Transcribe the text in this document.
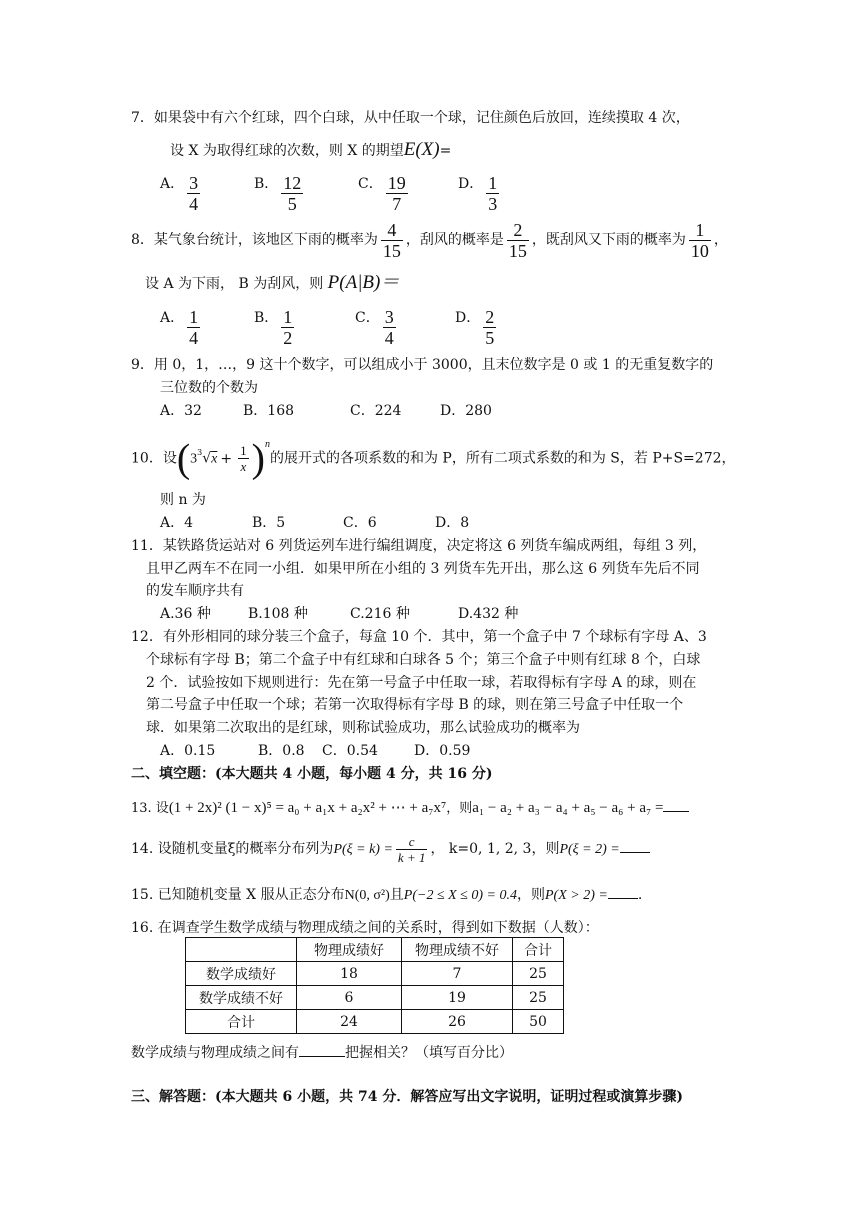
7．如果袋中有六个红球，四个白球，从中任取一个球，记住颜色后放回，连续摸取 4 次，
设 X 为取得红球的次数，则 X 的期望E(X)=
A． $\frac{3}{4}$	B． $\frac{12}{5}$	C． $\frac{19}{7}$	D． $\frac{1}{3}$
8．某气象台统计，该地区下雨的概率为 $\frac{4}{15}$ ，刮风的概率是 $\frac{2}{15}$ ，既刮风又下雨的概率为 $\frac{1}{10}$ ，
设 A 为下雨， B 为刮风，则 P(A|B)＝
A． $\frac{1}{4}$	B． $\frac{1}{2}$	C． $\frac{3}{4}$	D． $\frac{2}{5}$
9．用 0，1，…，9 这十个数字，可以组成小于 3000，且末位数字是 0 或 1 的无重复数字的
三位数的个数为
A．32	B．168	C．224	D．280
10．设$(3^3√x + \frac{1}{x} )^n$的展开式的各项系数的和为 P，所有二项式系数的和为 S，若 P+S=272，
则 n 为
A．4	B．5	C．6	D．8
11．某铁路货运站对 6 列货运列车进行编组调度，决定将这 6 列货车编成两组，每组 3 列，
且甲乙两车不在同一小组．如果甲所在小组的 3 列货车先开出，那么这 6 列货车先后不同
的发车顺序共有
A.36 种	B.108 种	C.216 种	D.432 种
12．有外形相同的球分装三个盒子，每盒 10 个．其中，第一个盒子中 7 个球标有字母 A、3
个球标有字母 B；第二个盒子中有红球和白球各 5 个；第三个盒子中则有红球 8 个，白球
2 个．试验按如下规则进行：先在第一号盒子中任取一球，若取得标有字母 A 的球，则在
第二号盒子中任取一个球；若第一次取得标有字母 B 的球，则在第三号盒子中任取一个
球．如果第二次取出的是红球，则称试验成功，那么试验成功的概率为
A．0.15	B．0.8 C．0.54	D．0.59
二、填空题：(本大题共 4 小题，每小题 4 分，共 16 分)
13. 设(1 + 2x)² (1 − x)⁵ = a₀ + a₁x + a₂x² + ⋯ + a₇x⁷，则a₁ − a₂ + a₃ − a₄ + a₅ − a₆ + a₇ =
14. 设随机变量ξ的概率分布列为$P(\xi = k) = \frac{c}{k + 1}$ ， k=0, 1, 2, 3，则P(ξ = 2) =
15. 已知随机变量 X 服从正态分布N(0, σ²)且P(−2 ≤ X ≤ 0) = 0.4，则P(X > 2) = .
16. 在调查学生数学成绩与物理成绩之间的关系时，得到如下数据（人数）：
	物理成绩好	物理成绩不好	合计
数学成绩好	18	7	25
数学成绩不好	6	19	25
合计	24	26	50
数学成绩与物理成绩之间有	把握相关？（填写百分比）
三、解答题：(本大题共 6 小题，共 74 分．解答应写出文字说明，证明过程或演算步骤)
